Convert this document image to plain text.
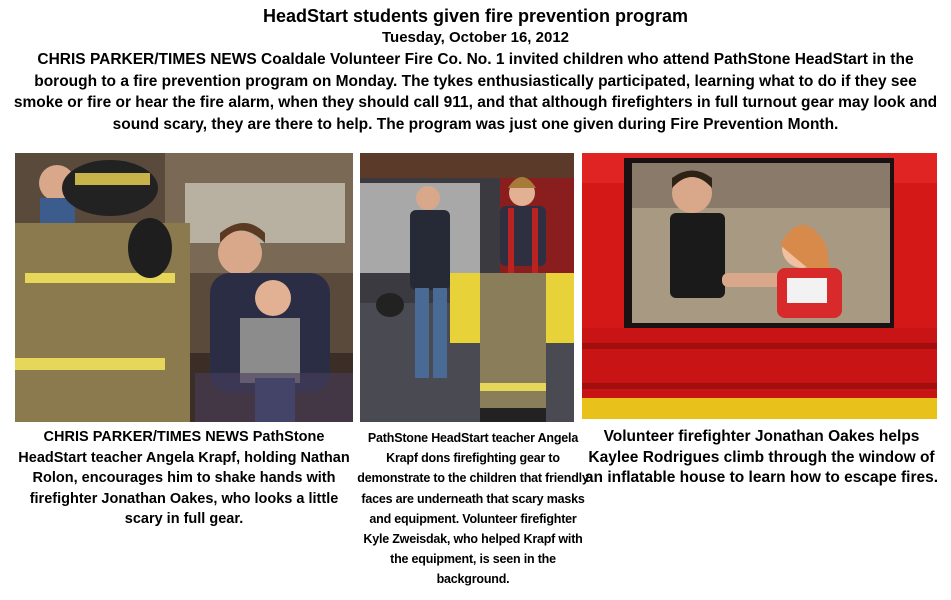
HeadStart students given fire prevention program
Tuesday, October 16, 2012
CHRIS PARKER/TIMES NEWS Coaldale Volunteer Fire Co. No. 1 invited children who attend PathStone HeadStart in the borough to a fire prevention program on Monday. The tykes enthusiastically participated, learning what to do if they see smoke or fire or hear the fire alarm, when they should call 911, and that although firefighters in full turnout gear may look and sound scary, they are there to help. The program was just one given during Fire Prevention Month.
CHRIS PARKER/TIMES NEWS PathStone HeadStart teacher Angela Krapf, holding Nathan Rolon, encourages him to shake hands with firefighter Jonathan Oakes, who looks a little scary in full gear.
PathStone HeadStart teacher Angela Krapf dons firefighting gear to demonstrate to the children that friendly faces are underneath that scary masks and equipment. Volunteer firefighter Kyle Zweisdak, who helped Krapf with the equipment, is seen in the background.
Volunteer firefighter Jonathan Oakes helps Kaylee Rodrigues climb through the window of an inflatable house to learn how to escape fires.
